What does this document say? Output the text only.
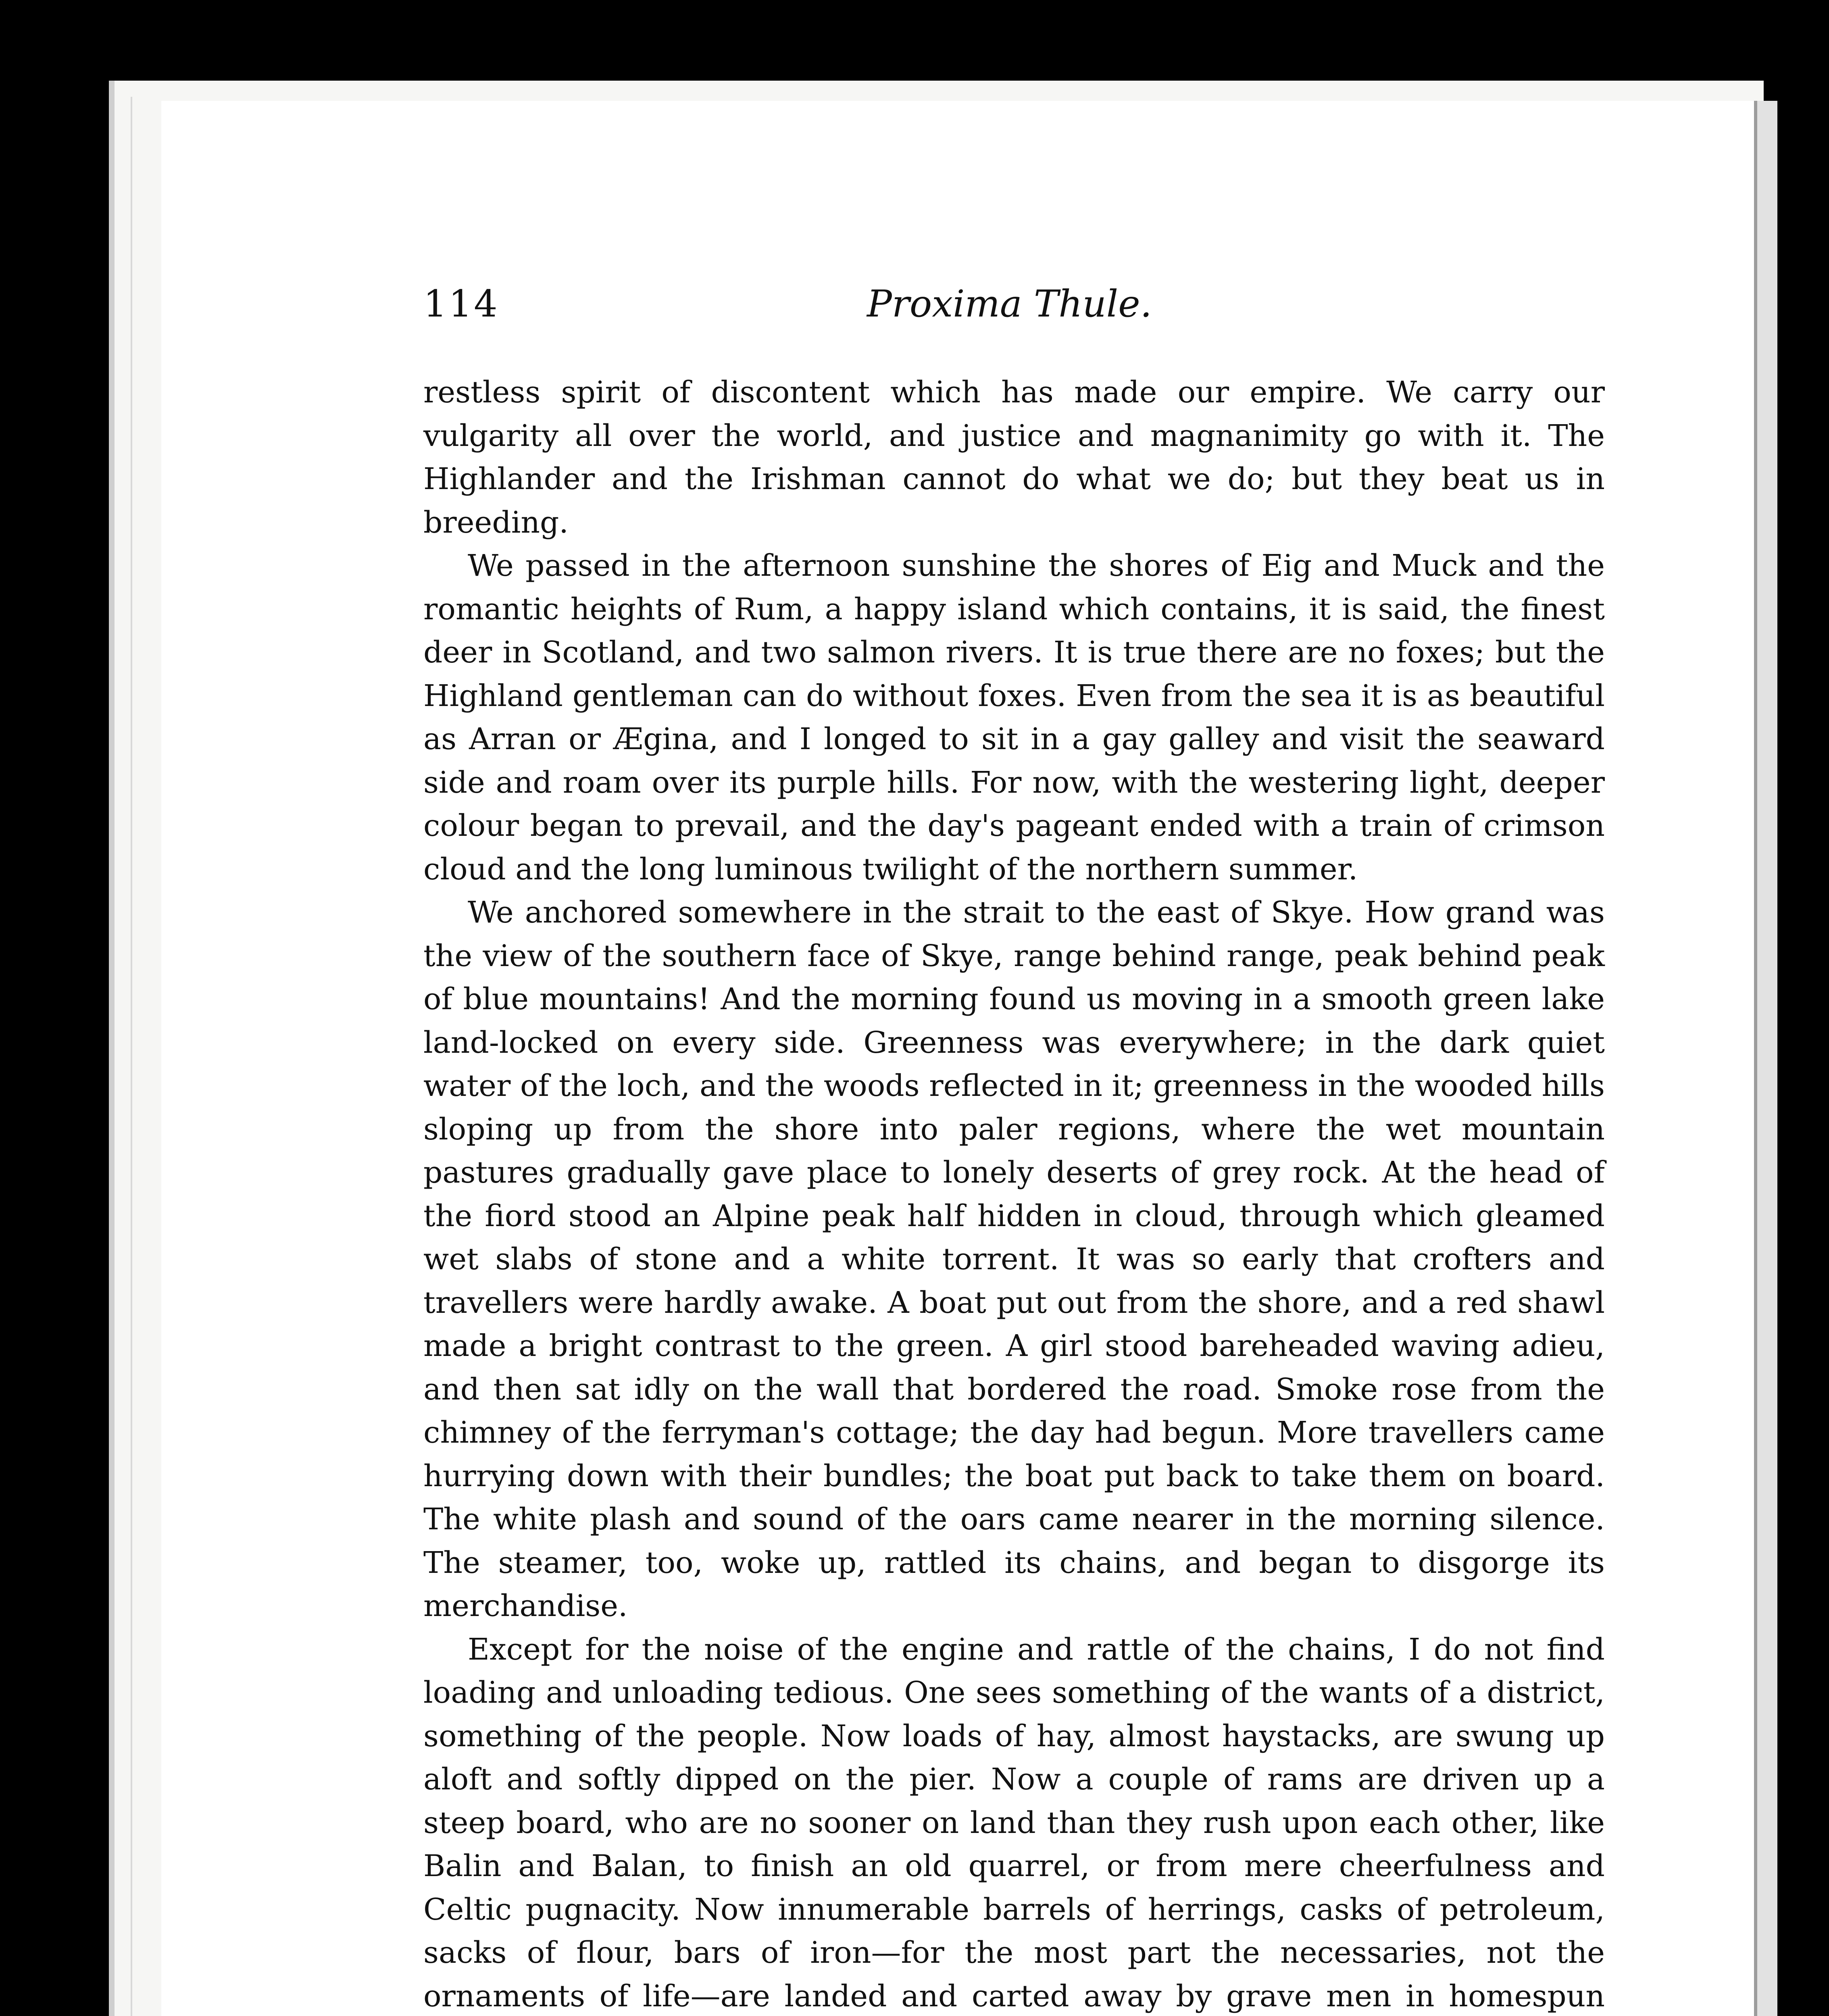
114	Proxima Thule.

restless spirit of discontent which has made our empire. We carry our vulgarity all over the world, and justice and magnanimity go with it. The Highlander and the Irishman cannot do what we do; but they beat us in breeding.

We passed in the afternoon sunshine the shores of Eig and Muck and the romantic heights of Rum, a happy island which contains, it is said, the finest deer in Scotland, and two salmon rivers. It is true there are no foxes; but the Highland gentleman can do without foxes. Even from the sea it is as beautiful as Arran or Ægina, and I longed to sit in a gay galley and visit the seaward side and roam over its purple hills. For now, with the westering light, deeper colour began to prevail, and the day's pageant ended with a train of crimson cloud and the long luminous twilight of the northern summer.

We anchored somewhere in the strait to the east of Skye. How grand was the view of the southern face of Skye, range behind range, peak behind peak of blue mountains! And the morning found us moving in a smooth green lake land-locked on every side. Greenness was everywhere; in the dark quiet water of the loch, and the woods reflected in it; greenness in the wooded hills sloping up from the shore into paler regions, where the wet mountain pastures gradually gave place to lonely deserts of grey rock. At the head of the fiord stood an Alpine peak half hidden in cloud, through which gleamed wet slabs of stone and a white torrent. It was so early that crofters and travellers were hardly awake. A boat put out from the shore, and a red shawl made a bright contrast to the green. A girl stood bareheaded waving adieu, and then sat idly on the wall that bordered the road. Smoke rose from the chimney of the ferryman's cottage; the day had begun. More travellers came hurrying down with their bundles; the boat put back to take them on board. The white plash and sound of the oars came nearer in the morning silence. The steamer, too, woke up, rattled its chains, and began to disgorge its merchandise.

Except for the noise of the engine and rattle of the chains, I do not find loading and unloading tedious. One sees something of the wants of a district, something of the people. Now loads of hay, almost haystacks, are swung up aloft and softly dipped on the pier. Now a couple of rams are driven up a steep board, who are no sooner on land than they rush upon each other, like Balin and Balan, to finish an old quarrel, or from mere cheerfulness and Celtic pugnacity. Now innumerable barrels of herrings, casks of petroleum, sacks of flour, bars of iron—for the most part the necessaries, not the ornaments of life—are landed and carted away by grave men in homespun
